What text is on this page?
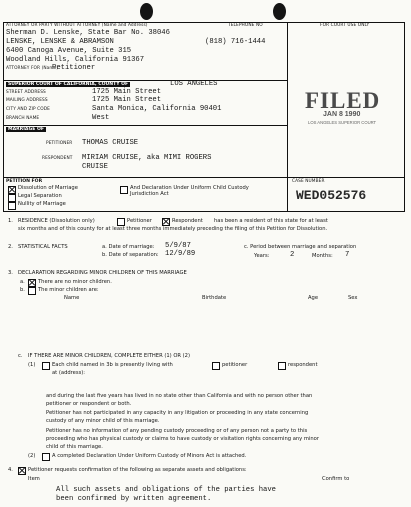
ATTORNEY OR PARTY WITHOUT ATTORNEY (Name and Address)	TELEPHONE NO	FOR COURT USE ONLY
Sherman D. Lenske, State Bar No. 38046
LENSKE, LENSKE & ABRAMSON	(818) 716-1444
6400 Canoga Avenue, Suite 315
Woodland Hills, California 91367
ATTORNEY FOR (Name)
Petitioner
SUPERIOR COURT OF CALIFORNIA, COUNTY OF	LOS ANGELES
STREET ADDRESS	1725 Main Street
MAILING ADDRESS	1725 Main Street
CITY AND ZIP CODE	Santa Monica, California 90401
BRANCH NAME	West
MARRIAGE OF
PETITIONER THOMAS CRUISE
RESPONDENT MIRIAM CRUISE, aka MIMI ROGERS
CRUISE
FILED
JAN 8 1990
LOS ANGELES SUPERIOR COURT
PETITION FOR
Dissolution of Marriage
Legal Separation
Nullity of Marriage
And Declaration Under Uniform Child Custody Jurisdiction Act
CASE NUMBER
WED052576
1. RESIDENCE (Dissolution only)	Petitioner	Respondent has been a resident of this state for at least
six months and of this county for at least three months immediately preceding the filing of this Petition for Dissolution.
2. STATISTICAL FACTS	a. Date of marriage: 5/9/87
b. Date of separation: 12/9/89
c. Period between marriage and separation
Years:	2	Months: 7
3. DECLARATION REGARDING MINOR CHILDREN OF THIS MARRIAGE
a.	There are no minor children.
b.	The minor children are:
Name	Birthdate	Age	Sex
c. IF THERE ARE MINOR CHILDREN, COMPLETE EITHER (1) OR (2)
(1)	Each child named in 3b is presently living with	petitioner	respondent
at (address):
and during the last five years has lived in no state other than California and with no person other than
petitioner or respondent or both.
Petitioner has not participated in any capacity in any litigation or proceeding in any state concerning
custody of any minor child of this marriage.
Petitioner has no information of any pending custody proceeding or of any person not a party to this
proceeding who has physical custody or claims to have custody or visitation rights concerning any minor
child of this marriage.
(2)	A completed Declaration Under Uniform Custody of Minors Act is attached.
4.	Petitioner requests confirmation of the following as separate assets and obligations:
Item	Confirm to
All such assets and obligations of the parties have
been confirmed by written agreement.
